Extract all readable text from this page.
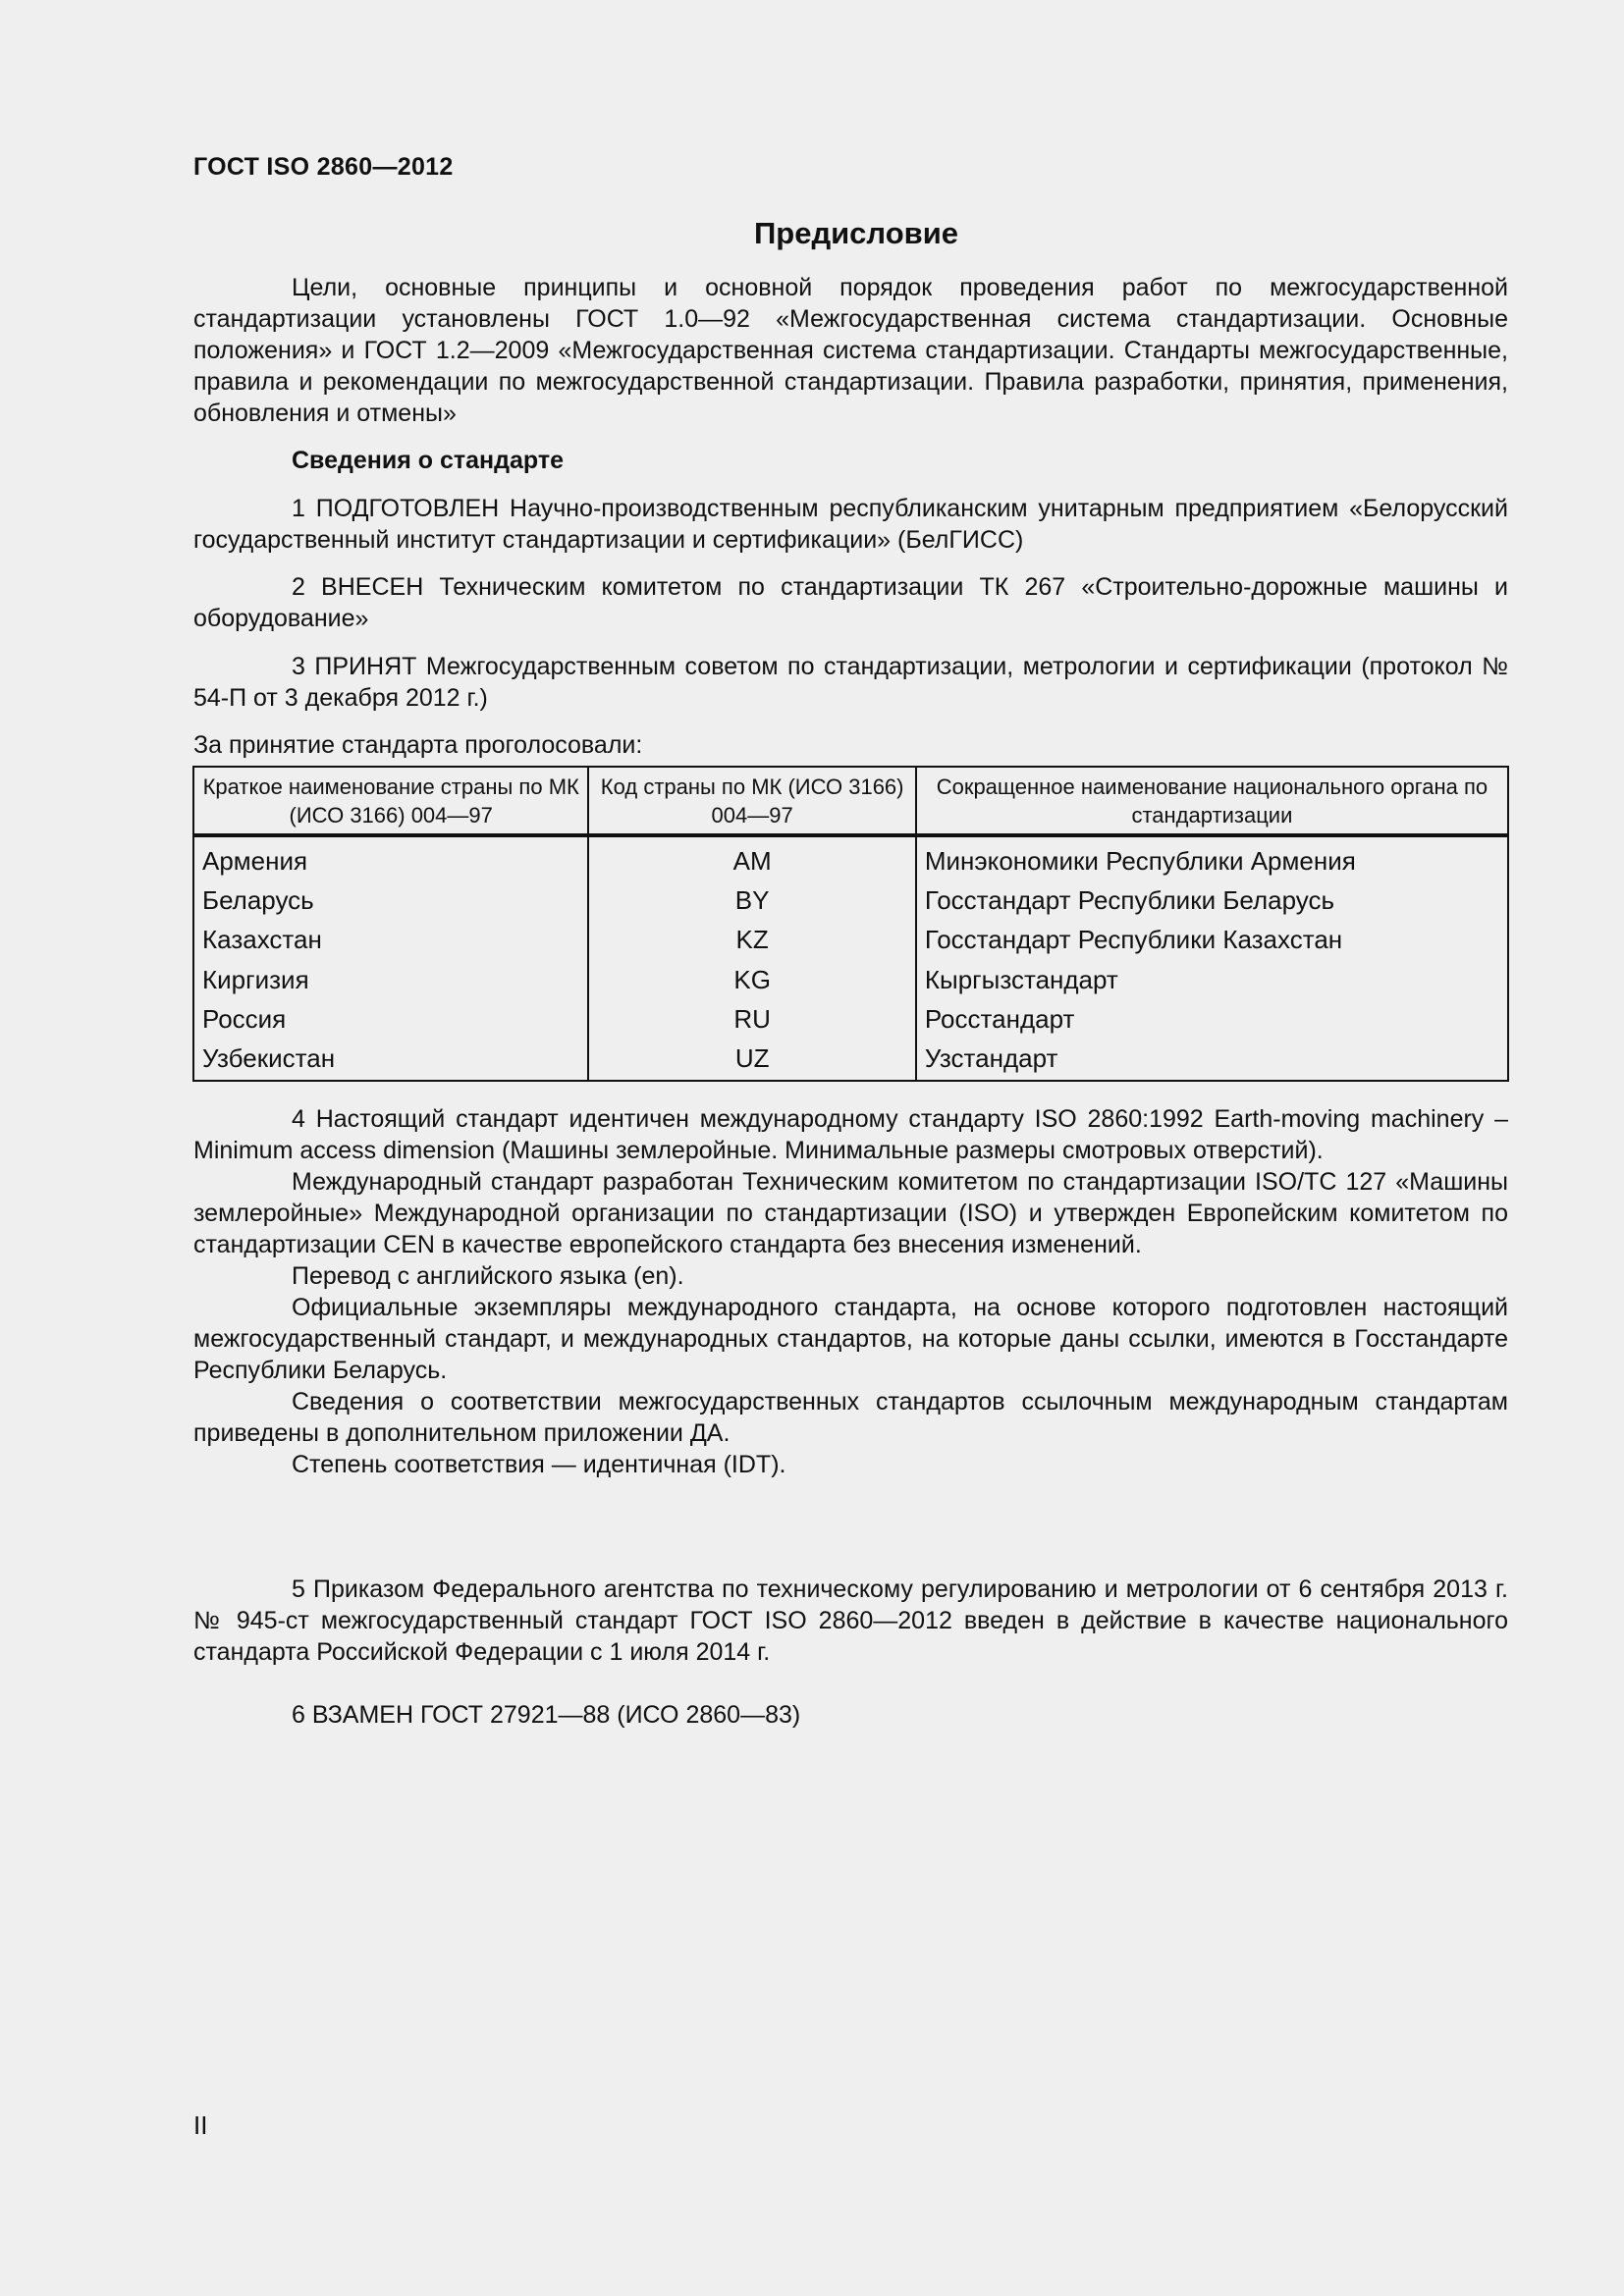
ГОСТ ISO 2860—2012
Предисловие

Цели, основные принципы и основной порядок проведения работ по межгосударственной стандартизации установлены ГОСТ 1.0—92 «Межгосударственная система стандартизации. Основные положения» и ГОСТ 1.2—2009 «Межгосударственная система стандартизации. Стандарты межгосударственные, правила и рекомендации по межгосударственной стандартизации. Правила разработки, принятия, применения, обновления и отмены»

Сведения о стандарте

1 ПОДГОТОВЛЕН Научно-производственным республиканским унитарным предприятием «Белорусский государственный институт стандартизации и сертификации» (БелГИСС)

2 ВНЕСЕН Техническим комитетом по стандартизации ТК 267 «Строительно-дорожные машины и оборудование»

3 ПРИНЯТ Межгосударственным советом по стандартизации, метрологии и сертификации (протокол № 54-П от 3 декабря 2012 г.)

За принятие стандарта проголосовали:

Краткое наименование страны по МК (ИСО 3166) 004—97	Код страны по МК (ИСО 3166) 004—97	Сокращенное наименование национального органа по стандартизации
Армения	AM	Минэкономики Республики Армения
Беларусь	BY	Госстандарт Республики Беларусь
Казахстан	KZ	Госстандарт Республики Казахстан
Киргизия	KG	Кыргызстандарт
Россия	RU	Росстандарт
Узбекистан	UZ	Узстандарт

4 Настоящий стандарт идентичен международному стандарту ISO 2860:1992 Earth-moving machinery – Minimum access dimension (Машины землеройные. Минимальные размеры смотровых отверстий).

Международный стандарт разработан Техническим комитетом по стандартизации ISO/TC 127 «Машины землеройные» Международной организации по стандартизации (ISO) и утвержден Европейским комитетом по стандартизации CEN в качестве европейского стандарта без внесения изменений.

Перевод с английского языка (en).

Официальные экземпляры международного стандарта, на основе которого подготовлен настоящий межгосударственный стандарт, и международных стандартов, на которые даны ссылки, имеются в Госстандарте Республики Беларусь.

Сведения о соответствии межгосударственных стандартов ссылочным международным стандартам приведены в дополнительном приложении ДА.

Степень соответствия — идентичная (IDT).

5 Приказом Федерального агентства по техническому регулированию и метрологии от 6 сентября 2013 г. № 945-ст межгосударственный стандарт ГОСТ ISO 2860—2012 введен в действие в качестве национального стандарта Российской Федерации с 1 июля 2014 г.

6 ВЗАМЕН ГОСТ 27921—88 (ИСО 2860—83)

II
